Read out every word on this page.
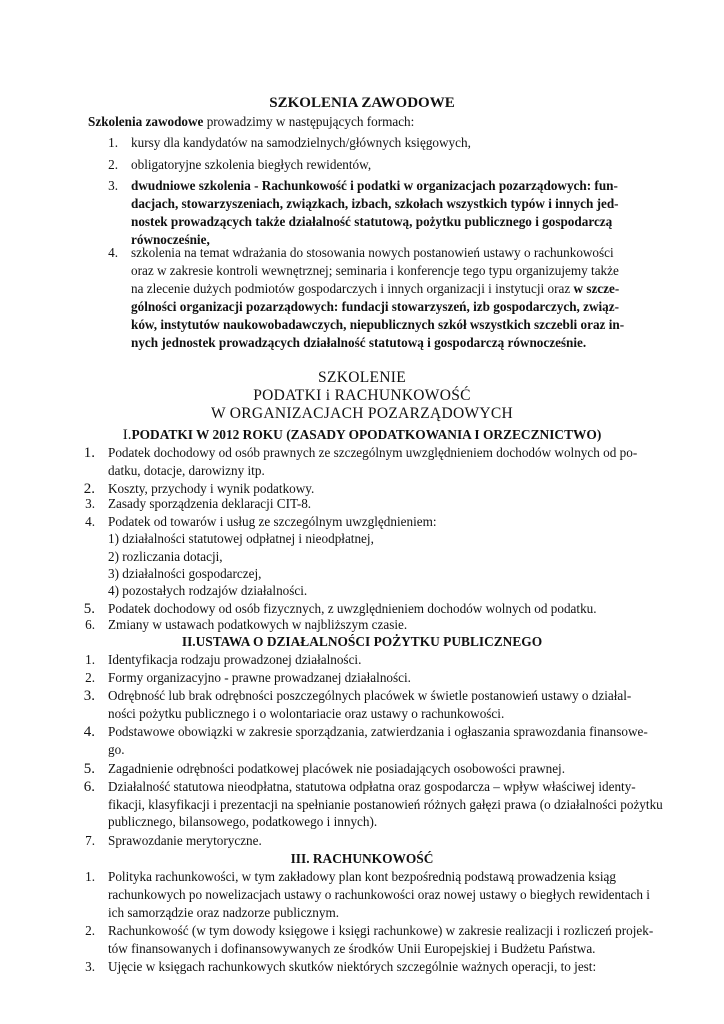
SZKOLENIA ZAWODOWE
Szkolenia zawodowe prowadzimy w następujących formach:
1. kursy dla kandydatów na samodzielnych/głównych księgowych,
2. obligatoryjne szkolenia biegłych rewidentów,
3. dwudniowe szkolenia - Rachunkowość i podatki w organizacjach pozarządowych: fun-
dacjach, stowarzyszeniach, związkach, izbach, szkołach wszystkich typów i innych jed-
nostek prowadzących także działalność statutową, pożytku publicznego i gospodarczą
równocześnie,
4. szkolenia na temat wdrażania do stosowania nowych postanowień ustawy o rachunkowości
oraz w zakresie kontroli wewnętrznej; seminaria i konferencje tego typu organizujemy także
na zlecenie dużych podmiotów gospodarczych i innych organizacji i instytucji oraz w szcze-
gólności organizacji pozarządowych: fundacji stowarzyszeń, izb gospodarczych, związ-
ków, instytutów naukowobadawczych, niepublicznych szkół wszystkich szczebli oraz in-
nych jednostek prowadzących działalność statutową i gospodarczą równocześnie.
SZKOLENIE
PODATKI i RACHUNKOWOŚĆ
W ORGANIZACJACH POZARZĄDOWYCH
I.PODATKI W 2012 ROKU (ZASADY OPODATKOWANIA I ORZECZNICTWO)
1. Podatek dochodowy od osób prawnych ze szczególnym uwzględnieniem dochodów wolnych od po-
datku, dotacje, darowizny itp.
2. Koszty, przychody i wynik podatkowy.
3. Zasady sporządzenia deklaracji CIT-8.
4. Podatek od towarów i usług ze szczególnym uwzględnieniem:
1) działalności statutowej odpłatnej i nieodpłatnej,
2) rozliczania dotacji,
3) działalności gospodarczej,
4) pozostałych rodzajów działalności.
5. Podatek dochodowy od osób fizycznych, z uwzględnieniem dochodów wolnych od podatku.
6. Zmiany w ustawach podatkowych w najbliższym czasie.
II.USTAWA O DZIAŁALNOŚCI POŻYTKU PUBLICZNEGO
1. Identyfikacja rodzaju prowadzonej działalności.
2. Formy organizacyjno - prawne prowadzanej działalności.
3. Odrębność lub brak odrębności poszczególnych placówek w świetle postanowień ustawy o działal-
ności pożytku publicznego i o wolontariacie oraz ustawy o rachunkowości.
4. Podstawowe obowiązki w zakresie sporządzania, zatwierdzania i ogłaszania sprawozdania finansowe-
go.
5. Zagadnienie odrębności podatkowej placówek nie posiadających osobowości prawnej.
6. Działalność statutowa nieodpłatna, statutowa odpłatna oraz gospodarcza – wpływ właściwej identy-
fikacji, klasyfikacji i prezentacji na spełnianie postanowień różnych gałęzi prawa (o działalności pożytku
publicznego, bilansowego, podatkowego i innych).
7. Sprawozdanie merytoryczne.
III. RACHUNKOWOŚĆ
1. Polityka rachunkowości, w tym zakładowy plan kont bezpośrednią podstawą prowadzenia ksiąg
rachunkowych po nowelizacjach ustawy o rachunkowości oraz nowej ustawy o biegłych rewidentach i
ich samorządzie oraz nadzorze publicznym.
2. Rachunkowość (w tym dowody księgowe i księgi rachunkowe) w zakresie realizacji i rozliczeń projek-
tów finansowanych i dofinansowywanych ze środków Unii Europejskiej i Budżetu Państwa.
3. Ujęcie w księgach rachunkowych skutków niektórych szczególnie ważnych operacji, to jest:
